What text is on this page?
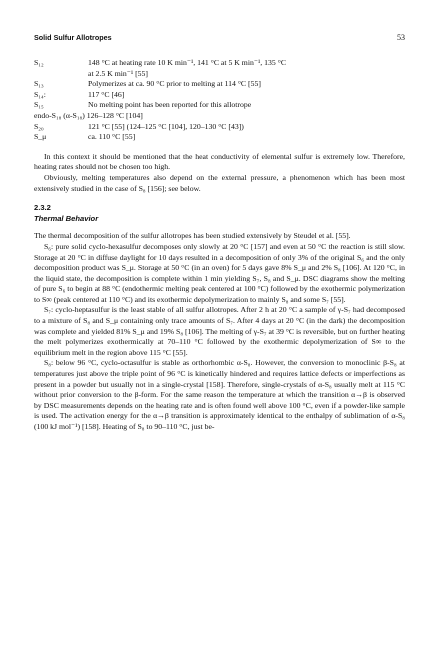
Solid Sulfur Allotropes	53
S₁₂	148 °C at heating rate 10 K min⁻¹, 141 °C at 5 K min⁻¹, 135 °C
at 2.5 K min⁻¹ [55]
S₁₃	Polymerizes at ca. 90 °C prior to melting at 114 °C [55]
S₁₄:	117 °C [46]
S₁₅	No melting point has been reported for this allotrope
endo-S₁₈ (α-S₁₈) 126–128 °C [104]
S₂₀	121 °C [55] (124–125 °C [104], 120–130 °C [43])
S_μ	ca. 110 °C [55]

In this context it should be mentioned that the heat conductivity of elemental sulfur is extremely low. Therefore, heating rates should not be chosen too high.

Obviously, melting temperatures also depend on the external pressure, a phenomenon which has been most extensively studied in the case of S₈ [156]; see below.

2.3.2
Thermal Behavior

The thermal decomposition of the sulfur allotropes has been studied extensively by Steudel et al. [55].

S₆: pure solid cyclo-hexasulfur decomposes only slowly at 20 °C [157] and even at 50 °C the reaction is still slow. Storage at 20 °C in diffuse daylight for 10 days resulted in a decomposition of only 3% of the original S₆ and the only decomposition product was S_μ. Storage at 50 °C (in an oven) for 5 days gave 8% S_μ and 2% S₈ [106]. At 120 °C, in the liquid state, the decomposition is complete within 1 min yielding S₇, S₈ and S_μ. DSC diagrams show the melting of pure S₆ to begin at 88 °C (endothermic melting peak centered at 100 °C) followed by the exothermic polymerization to S∞ (peak centered at 110 °C) and its exothermic depolymerization to mainly S₈ and some S₇ [55].

S₇: cyclo-heptasulfur is the least stable of all sulfur allotropes. After 2 h at 20 °C a sample of γ-S₇ had decomposed to a mixture of S₈ and S_μ containing only trace amounts of S₇. After 4 days at 20 °C (in the dark) the decomposition was complete and yielded 81% S_μ and 19% S₈ [106]. The melting of γ-S₇ at 39 °C is reversible, but on further heating the melt polymerizes exothermically at 70–110 °C followed by the exothermic depolymerization of S∞ to the equilibrium melt in the region above 115 °C [55].

S₈: below 96 °C, cyclo-octasulfur is stable as orthorhombic α-S₈. However, the conversion to monoclinic β-S₈ at temperatures just above the triple point of 96 °C is kinetically hindered and requires lattice defects or imperfections as present in a powder but usually not in a single-crystal [158]. Therefore, single-crystals of α-S₈ usually melt at 115 °C without prior conversion to the β-form. For the same reason the temperature at which the transition α→β is observed by DSC measurements depends on the heating rate and is often found well above 100 °C, even if a powder-like sample is used. The activation energy for the α→β transition is approximately identical to the enthalpy of sublimation of α-S₈ (100 kJ mol⁻¹) [158]. Heating of S₈ to 90–110 °C, just be-
